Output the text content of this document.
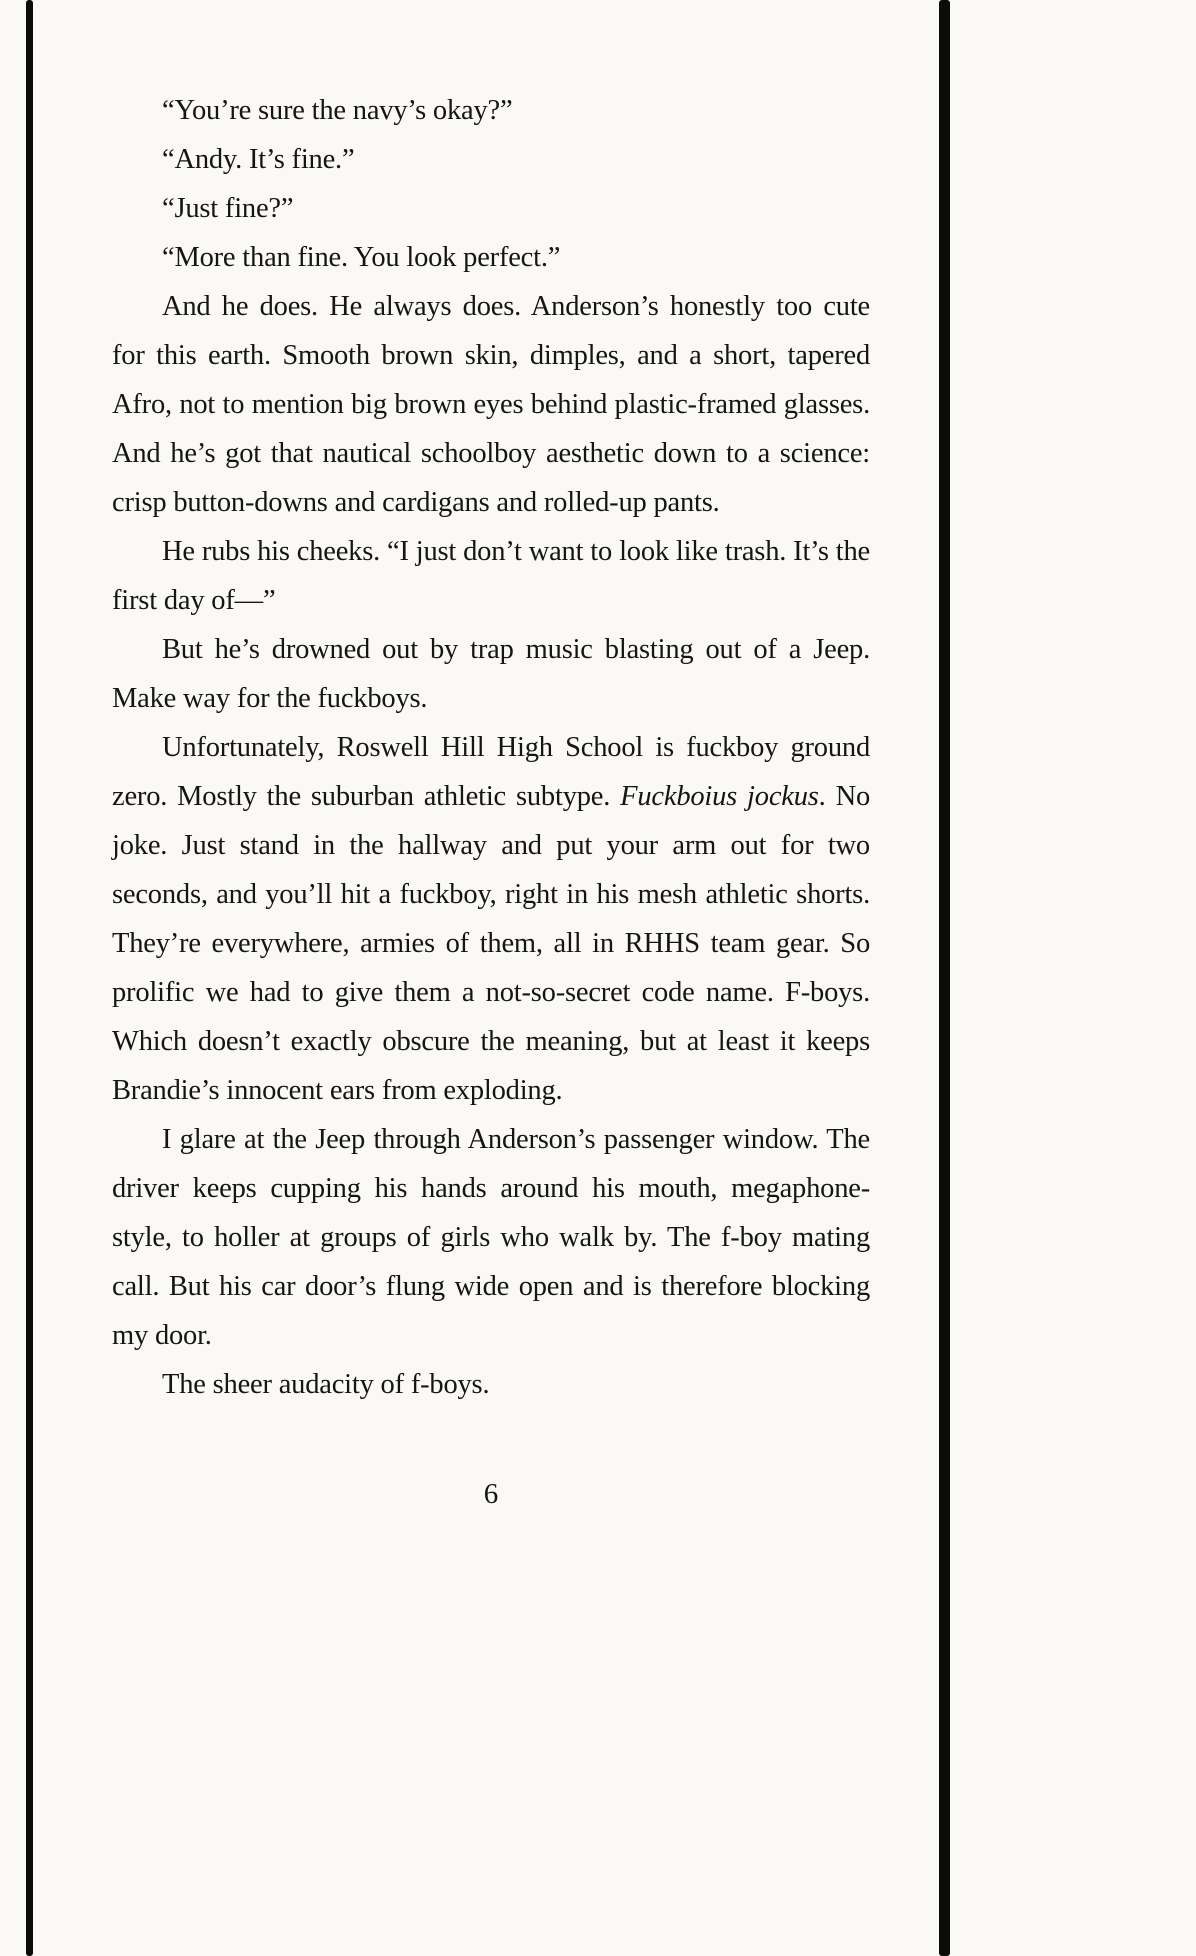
“You’re sure the navy’s okay?”

“Andy. It’s fine.”

“Just fine?”

“More than fine. You look perfect.”

And he does. He always does. Anderson’s honestly too cute for this earth. Smooth brown skin, dimples, and a short, tapered Afro, not to mention big brown eyes behind plastic-framed glasses. And he’s got that nautical schoolboy aesthetic down to a science: crisp button-downs and cardigans and rolled-up pants.

He rubs his cheeks. “I just don’t want to look like trash. It’s the first day of—”

But he’s drowned out by trap music blasting out of a Jeep. Make way for the fuckboys.

Unfortunately, Roswell Hill High School is fuckboy ground zero. Mostly the suburban athletic subtype. Fuckboius jockus. No joke. Just stand in the hallway and put your arm out for two seconds, and you’ll hit a fuckboy, right in his mesh athletic shorts. They’re everywhere, armies of them, all in RHHS team gear. So prolific we had to give them a not-so-secret code name. F-boys. Which doesn’t exactly obscure the meaning, but at least it keeps Brandie’s innocent ears from exploding.

I glare at the Jeep through Anderson’s passenger window. The driver keeps cupping his hands around his mouth, megaphone-style, to holler at groups of girls who walk by. The f-boy mating call. But his car door’s flung wide open and is therefore blocking my door.

The sheer audacity of f-boys.

6
